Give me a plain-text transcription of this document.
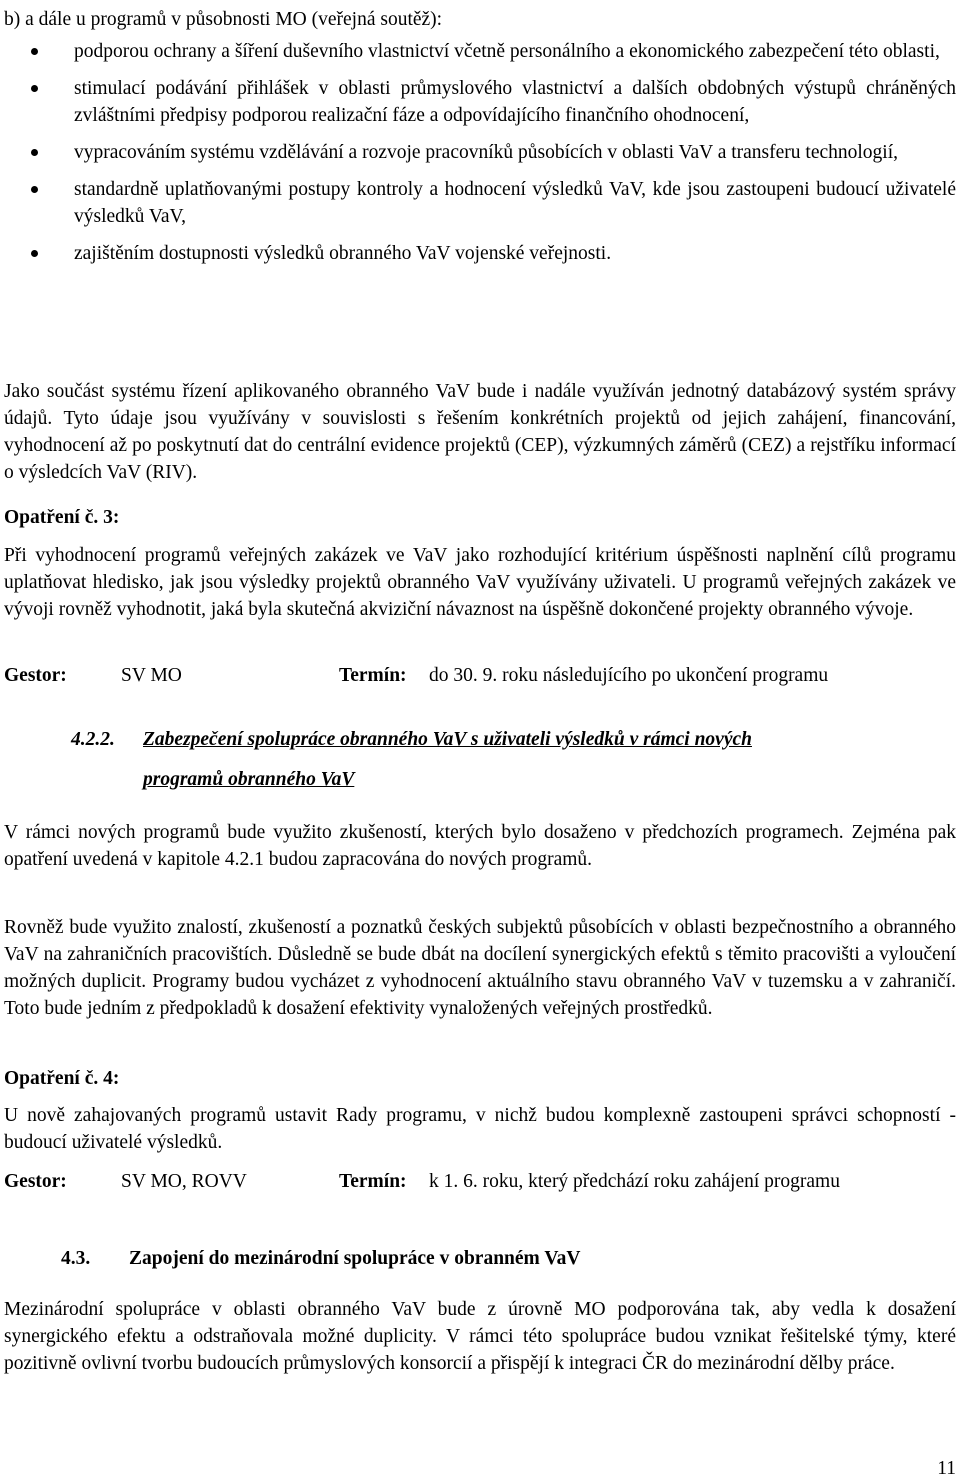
b) a dále u programů v působnosti MO (veřejná soutěž):

podporou ochrany a šíření duševního vlastnictví včetně personálního a ekonomického zabezpečení této oblasti,
stimulací podávání přihlášek v oblasti průmyslového vlastnictví a dalších obdobných výstupů chráněných zvláštními předpisy podporou realizační fáze a odpovídajícího finančního ohodnocení,
vypracováním systému vzdělávání a rozvoje pracovníků působících v oblasti VaV a transferu technologií,
standardně uplatňovanými postupy kontroly a hodnocení výsledků VaV, kde jsou zastoupeni budoucí uživatelé výsledků VaV,
zajištěním dostupnosti výsledků obranného VaV vojenské veřejnosti.

Jako součást systému řízení aplikovaného obranného VaV bude i nadále využíván jednotný databázový systém správy údajů. Tyto údaje jsou využívány v souvislosti s řešením konkrétních projektů od jejich zahájení, financování, vyhodnocení až po poskytnutí dat do centrální evidence projektů (CEP), výzkumných záměrů (CEZ) a rejstříku informací o výsledcích VaV (RIV).

Opatření č. 3:

Při vyhodnocení programů veřejných zakázek ve VaV jako rozhodující kritérium úspěšnosti naplnění cílů programu uplatňovat hledisko, jak jsou výsledky projektů obranného VaV využívány uživateli. U programů veřejných zakázek ve vývoji rovněž vyhodnotit, jaká byla skutečná akviziční návaznost na úspěšně dokončené projekty obranného vývoje.

Gestor:	SV MO	Termín: do 30. 9. roku následujícího po ukončení programu
4.2.2. Zabezpečení spolupráce obranného VaV s uživateli výsledků v rámci nových
programů obranného VaV

V rámci nových programů bude využito zkušeností, kterých bylo dosaženo v předchozích programech. Zejména pak opatření uvedená v kapitole 4.2.1 budou zapracována do nových programů.

Rovněž bude využito znalostí, zkušeností a poznatků českých subjektů působících v oblasti bezpečnostního a obranného VaV na zahraničních pracovištích. Důsledně se bude dbát na docílení synergických efektů s těmito pracovišti a vyloučení možných duplicit. Programy budou vycházet z vyhodnocení aktuálního stavu obranného VaV v tuzemsku a v zahraničí. Toto bude jedním z předpokladů k dosažení efektivity vynaložených veřejných prostředků.

Opatření č. 4:

U nově zahajovaných programů ustavit Rady programu, v nichž budou komplexně zastoupeni správci schopností - budoucí uživatelé výsledků.

Gestor:	SV MO, ROVV	Termín: k 1. 6. roku, který předchází roku zahájení programu
4.3. Zapojení do mezinárodní spolupráce v obranném VaV

Mezinárodní spolupráce v oblasti obranného VaV bude z úrovně MO podporována tak, aby vedla k dosažení synergického efektu a odstraňovala možné duplicity. V rámci této spolupráce budou vznikat řešitelské týmy, které pozitivně ovlivní tvorbu budoucích průmyslových konsorcií a přispějí k integraci ČR do mezinárodní dělby práce.

11
